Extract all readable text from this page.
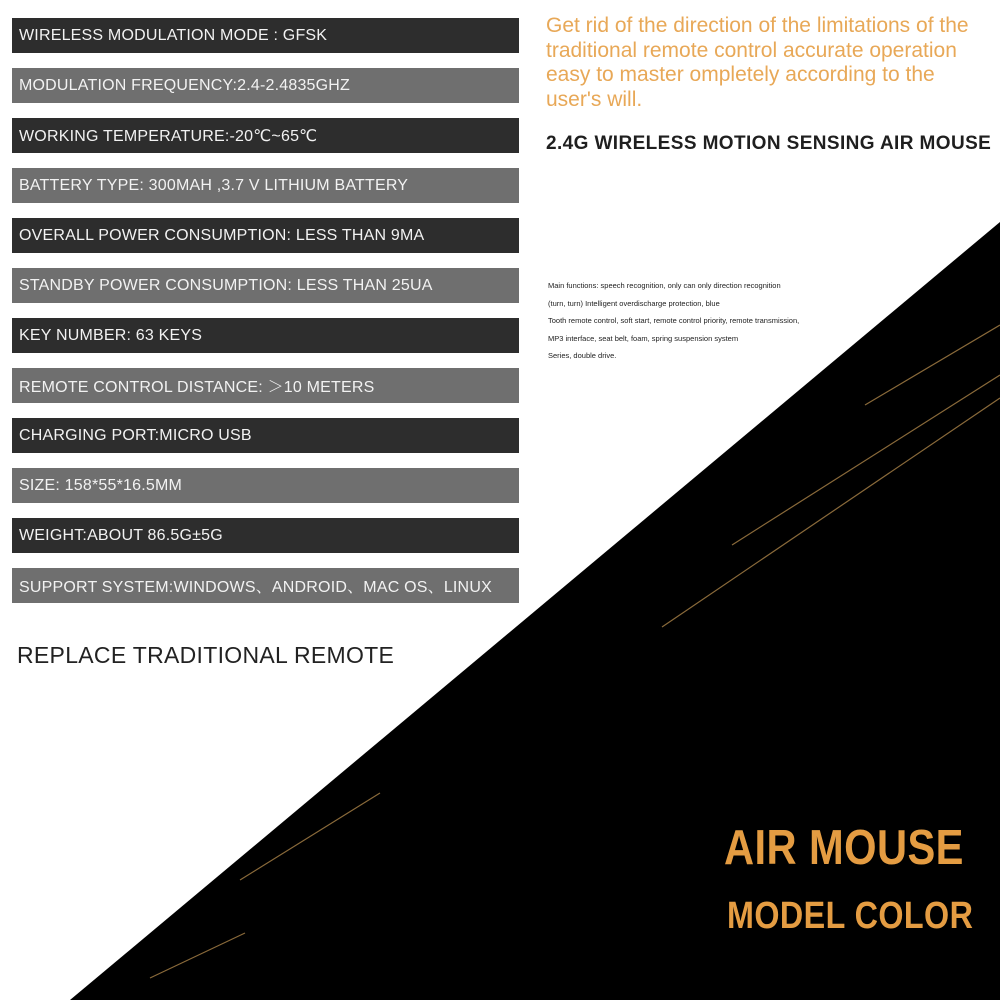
WIRELESS MODULATION MODE : GFSK
MODULATION FREQUENCY:2.4-2.4835GHZ
WORKING TEMPERATURE:-20℃~65℃
BATTERY TYPE: 300MAH ,3.7 V LITHIUM BATTERY
OVERALL POWER CONSUMPTION: LESS THAN 9MA
STANDBY POWER CONSUMPTION: LESS THAN 25UA
KEY NUMBER: 63 KEYS
REMOTE CONTROL DISTANCE: ＞10 METERS
CHARGING PORT:MICRO USB
SIZE: 158*55*16.5MM
WEIGHT:ABOUT 86.5G±5G
SUPPORT SYSTEM:WINDOWS、ANDROID、MAC OS、LINUX
REPLACE TRADITIONAL REMOTE
Get rid of the direction of the limitations of the traditional remote control accurate operation easy to master ompletely according to the user's will.
2.4G WIRELESS MOTION SENSING AIR MOUSE
Main functions: speech recognition, only can only direction recognition
(turn, turn) Intelligent overdischarge protection, blue
Tooth remote control, soft start, remote control priority, remote transmission,
MP3 interface, seat belt, foam, spring suspension system
Series, double drive.
AIR MOUSE
MODEL COLOR
